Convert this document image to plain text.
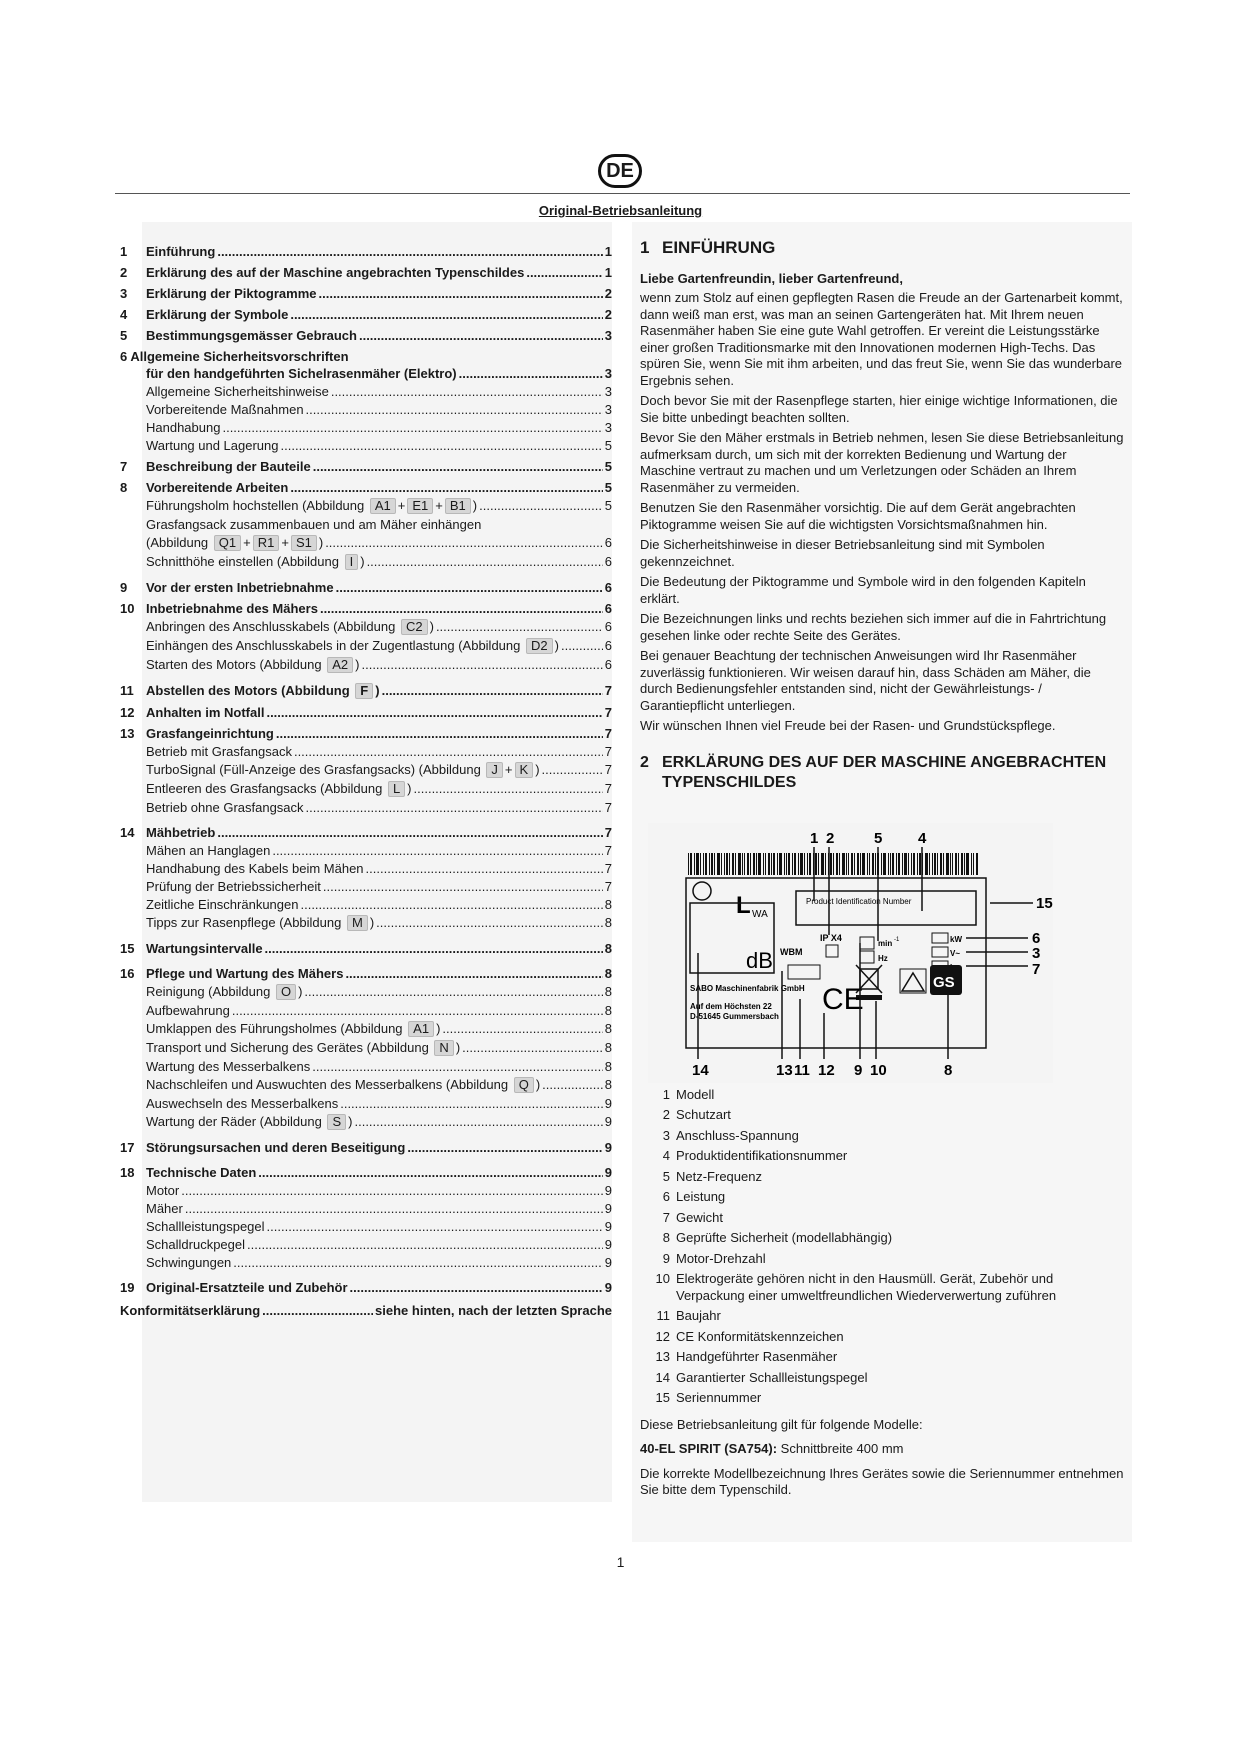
DE
Original-Betriebsanleitung
1	Einführung .....	1
2	Erklärung des auf der Maschine angebrachten Typenschildes .....	1
3	Erklärung der Piktogramme .....	2
4	Erklärung der Symbole .....	2
5	Bestimmungsgemässer Gebrauch .....	3
6 Allgemeine Sicherheitsvorschriften
für den handgeführten Sichelrasenmäher (Elektro) .....	3
Allgemeine Sicherheitshinweise .....	3
Vorbereitende Maßnahmen .....	3
Handhabung .....	3
Wartung und Lagerung .....	5
7	Beschreibung der Bauteile .....	5
8	Vorbereitende Arbeiten .....	5
Führungsholm hochstellen (Abbildung A1 + E1 + B1 ) .....	5
Grasfangsack zusammenbauen und am Mäher einhängen
(Abbildung Q1 + R1 + S1 ) .....	6
Schnitthöhe einstellen (Abbildung I ) .....	6
9	Vor der ersten Inbetriebnahme .....	6
10 Inbetriebnahme des Mähers .....	6
Anbringen des Anschlusskabels (Abbildung C2 ) .....	6
Einhängen des Anschlusskabels in der Zugentlastung (Abbildung D2 ) .....	6
Starten des Motors (Abbildung A2 ) .....	6
11 Abstellen des Motors (Abbildung F ) .....	7
12 Anhalten im Notfall .....	7
13 Grasfangeinrichtung .....	7
Betrieb mit Grasfangsack .....	7
TurboSignal (Füll-Anzeige des Grasfangsacks) (Abbildung J + K ) .....	7
Entleeren des Grasfangsacks (Abbildung L ) .....	7
Betrieb ohne Grasfangsack .....	7
14 Mähbetrieb .....	7
Mähen an Hanglagen .....	7
Handhabung des Kabels beim Mähen .....	7
Prüfung der Betriebssicherheit .....	7
Zeitliche Einschränkungen .....	8
Tipps zur Rasenpflege (Abbildung M ) .....	8
15 Wartungsintervalle .....	8
16 Pflege und Wartung des Mähers .....	8
Reinigung (Abbildung O ) .....	8
Aufbewahrung .....	8
Umklappen des Führungsholmes (Abbildung A1 ) .....	8
Transport und Sicherung des Gerätes (Abbildung N ) .....	8
Wartung des Messerbalkens .....	8
Nachschleifen und Auswuchten des Messerbalkens (Abbildung Q ) .....	8
Auswechseln des Messerbalkens .....	9
Wartung der Räder (Abbildung S ) .....	9
17 Störungsursachen und deren Beseitigung .....	9
18 Technische Daten .....	9
Motor .....	9
Mäher .....	9
Schallleistungspegel .....	9
Schalldruckpegel .....	9
Schwingungen .....	9
19 Original-Ersatzteile und Zubehör .....	9
Konformitätserklärung .....	siehe hinten, nach der letzten Sprache
1 EINFÜHRUNG
Liebe Gartenfreundin, lieber Gartenfreund,
wenn zum Stolz auf einen gepflegten Rasen die Freude an der Gartenarbeit kommt, dann weiß man erst, was man an seinen Gartengeräten hat. Mit Ihrem neuen Rasenmäher haben Sie eine gute Wahl getroffen. Er vereint die Leistungsstärke einer großen Traditionsmarke mit den Innovationen modernen High-Techs. Das spüren Sie, wenn Sie mit ihm arbeiten, und das freut Sie, wenn Sie das wunderbare Ergebnis sehen.
Doch bevor Sie mit der Rasenpflege starten, hier einige wichtige Informationen, die Sie bitte unbedingt beachten sollten.
Bevor Sie den Mäher erstmals in Betrieb nehmen, lesen Sie diese Betriebsanleitung aufmerksam durch, um sich mit der korrekten Bedienung und Wartung der Maschine vertraut zu machen und um Verletzungen oder Schäden an Ihrem Rasenmäher zu vermeiden.
Benutzen Sie den Rasenmäher vorsichtig. Die auf dem Gerät angebrachten Piktogramme weisen Sie auf die wichtigsten Vorsichtsmaßnahmen hin.
Die Sicherheitshinweise in dieser Betriebsanleitung sind mit Symbolen gekennzeichnet.
Die Bedeutung der Piktogramme und Symbole wird in den folgenden Kapiteln erklärt.
Die Bezeichnungen links und rechts beziehen sich immer auf die in Fahrtrichtung gesehen linke oder rechte Seite des Gerätes.
Bei genauer Beachtung der technischen Anweisungen wird Ihr Rasenmäher zuverlässig funktionieren. Wir weisen darauf hin, dass Schäden am Mäher, die durch Bedienungsfehler entstanden sind, nicht der Gewährleistungs- / Garantiepflicht unterliegen.
Wir wünschen Ihnen viel Freude bei der Rasen- und Grundstückspflege.
2 ERKLÄRUNG DES AUF DER MASCHINE ANGEBRACHTEN
TYPENSCHILDES
1 2	5 4
Product Identification Number
L WA
dB
IP X4
WBM
min -1
Hz
kW
V~
CE
GS
SABO Maschinenfabrik GmbH
Auf dem Höchsten 22
D-51645 Gummersbach
15
6
3
7
14	13 11 12 9 10	8
1 Modell
2 Schutzart
3 Anschluss-Spannung
4 Produktidentifikationsnummer
5 Netz-Frequenz
6 Leistung
7 Gewicht
8 Geprüfte Sicherheit (modellabhängig)
9 Motor-Drehzahl
10 Elektrogeräte gehören nicht in den Hausmüll. Gerät, Zubehör und Verpackung einer umweltfreundlichen Wiederverwertung zuführen
11 Baujahr
12 CE Konformitätskennzeichen
13 Handgeführter Rasenmäher
14 Garantierter Schallleistungspegel
15 Seriennummer
Diese Betriebsanleitung gilt für folgende Modelle:
40-EL SPIRIT (SA754): Schnittbreite 400 mm
Die korrekte Modellbezeichnung Ihres Gerätes sowie die Seriennummer entnehmen Sie bitte dem Typenschild.
1
